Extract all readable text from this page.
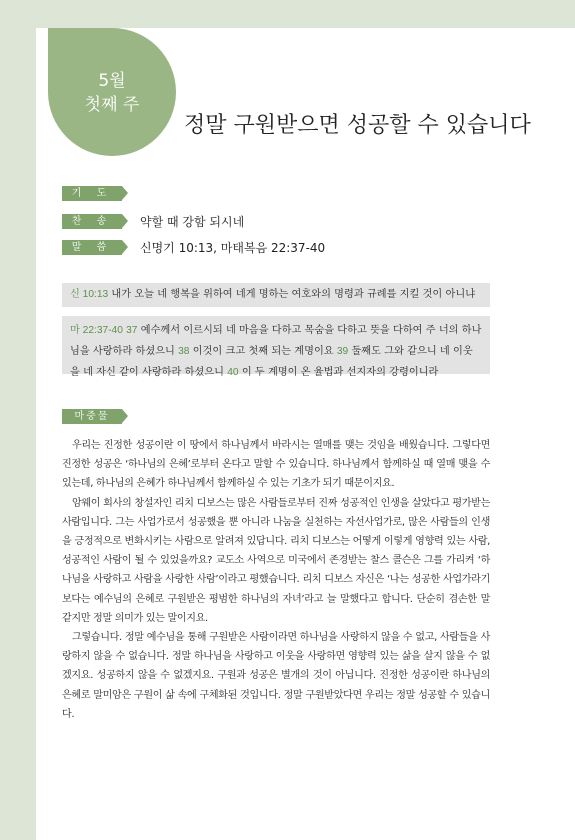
5월
첫째 주
정말 구원받으면 성공할 수 있습니다
기 도
찬 송	약할 때 강함 되시네
말 씀	신명기 10:13, 마태복음 22:37-40
신 10:13 내가 오늘 네 행복을 위하여 네게 명하는 여호와의 명령과 규례를 지킬 것이 아니냐
마 22:37-40 37 예수께서 이르시되 네 마음을 다하고 목숨을 다하고 뜻을 다하여 주 너의 하나님을 사랑하라 하셨으니 38 이것이 크고 첫째 되는 계명이요 39 둘째도 그와 같으니 네 이웃을 네 자신 같이 사랑하라 하셨으니 40 이 두 계명이 온 율법과 선지자의 강령이니라
마중물

우리는 진정한 성공이란 이 땅에서 하나님께서 바라시는 열매를 맺는 것임을 배웠습니다. 그렇다면 진정한 성공은 ‘하나님의 은혜’로부터 온다고 말할 수 있습니다. 하나님께서 함께하실 때 열매 맺을 수 있는데, 하나님의 은혜가 하나님께서 함께하실 수 있는 기초가 되기 때문이지요.

암웨이 회사의 창설자인 리치 디보스는 많은 사람들로부터 진짜 성공적인 인생을 살았다고 평가받는 사람입니다. 그는 사업가로서 성공했을 뿐 아니라 나눔을 실천하는 자선사업가로, 많은 사람들의 인생을 긍정적으로 변화시키는 사람으로 알려져 있답니다. 리치 디보스는 어떻게 이렇게 영향력 있는 사람, 성공적인 사람이 될 수 있었을까요? 교도소 사역으로 미국에서 존경받는 찰스 콜슨은 그를 가리켜 ‘하나님을 사랑하고 사람을 사랑한 사람’이라고 평했습니다. 리치 디보스 자신은 ‘나는 성공한 사업가라기보다는 예수님의 은혜로 구원받은 평범한 하나님의 자녀’라고 늘 말했다고 합니다. 단순히 겸손한 말 같지만 정말 의미가 있는 말이지요.

그렇습니다. 정말 예수님을 통해 구원받은 사람이라면 하나님을 사랑하지 않을 수 없고, 사람들을 사랑하지 않을 수 없습니다. 정말 하나님을 사랑하고 이웃을 사랑하면 영향력 있는 삶을 살지 않을 수 없겠지요. 성공하지 않을 수 없겠지요. 구원과 성공은 별개의 것이 아닙니다. 진정한 성공이란 하나님의 은혜로 말미암은 구원이 삶 속에 구체화된 것입니다. 정말 구원받았다면 우리는 정말 성공할 수 있습니다.
